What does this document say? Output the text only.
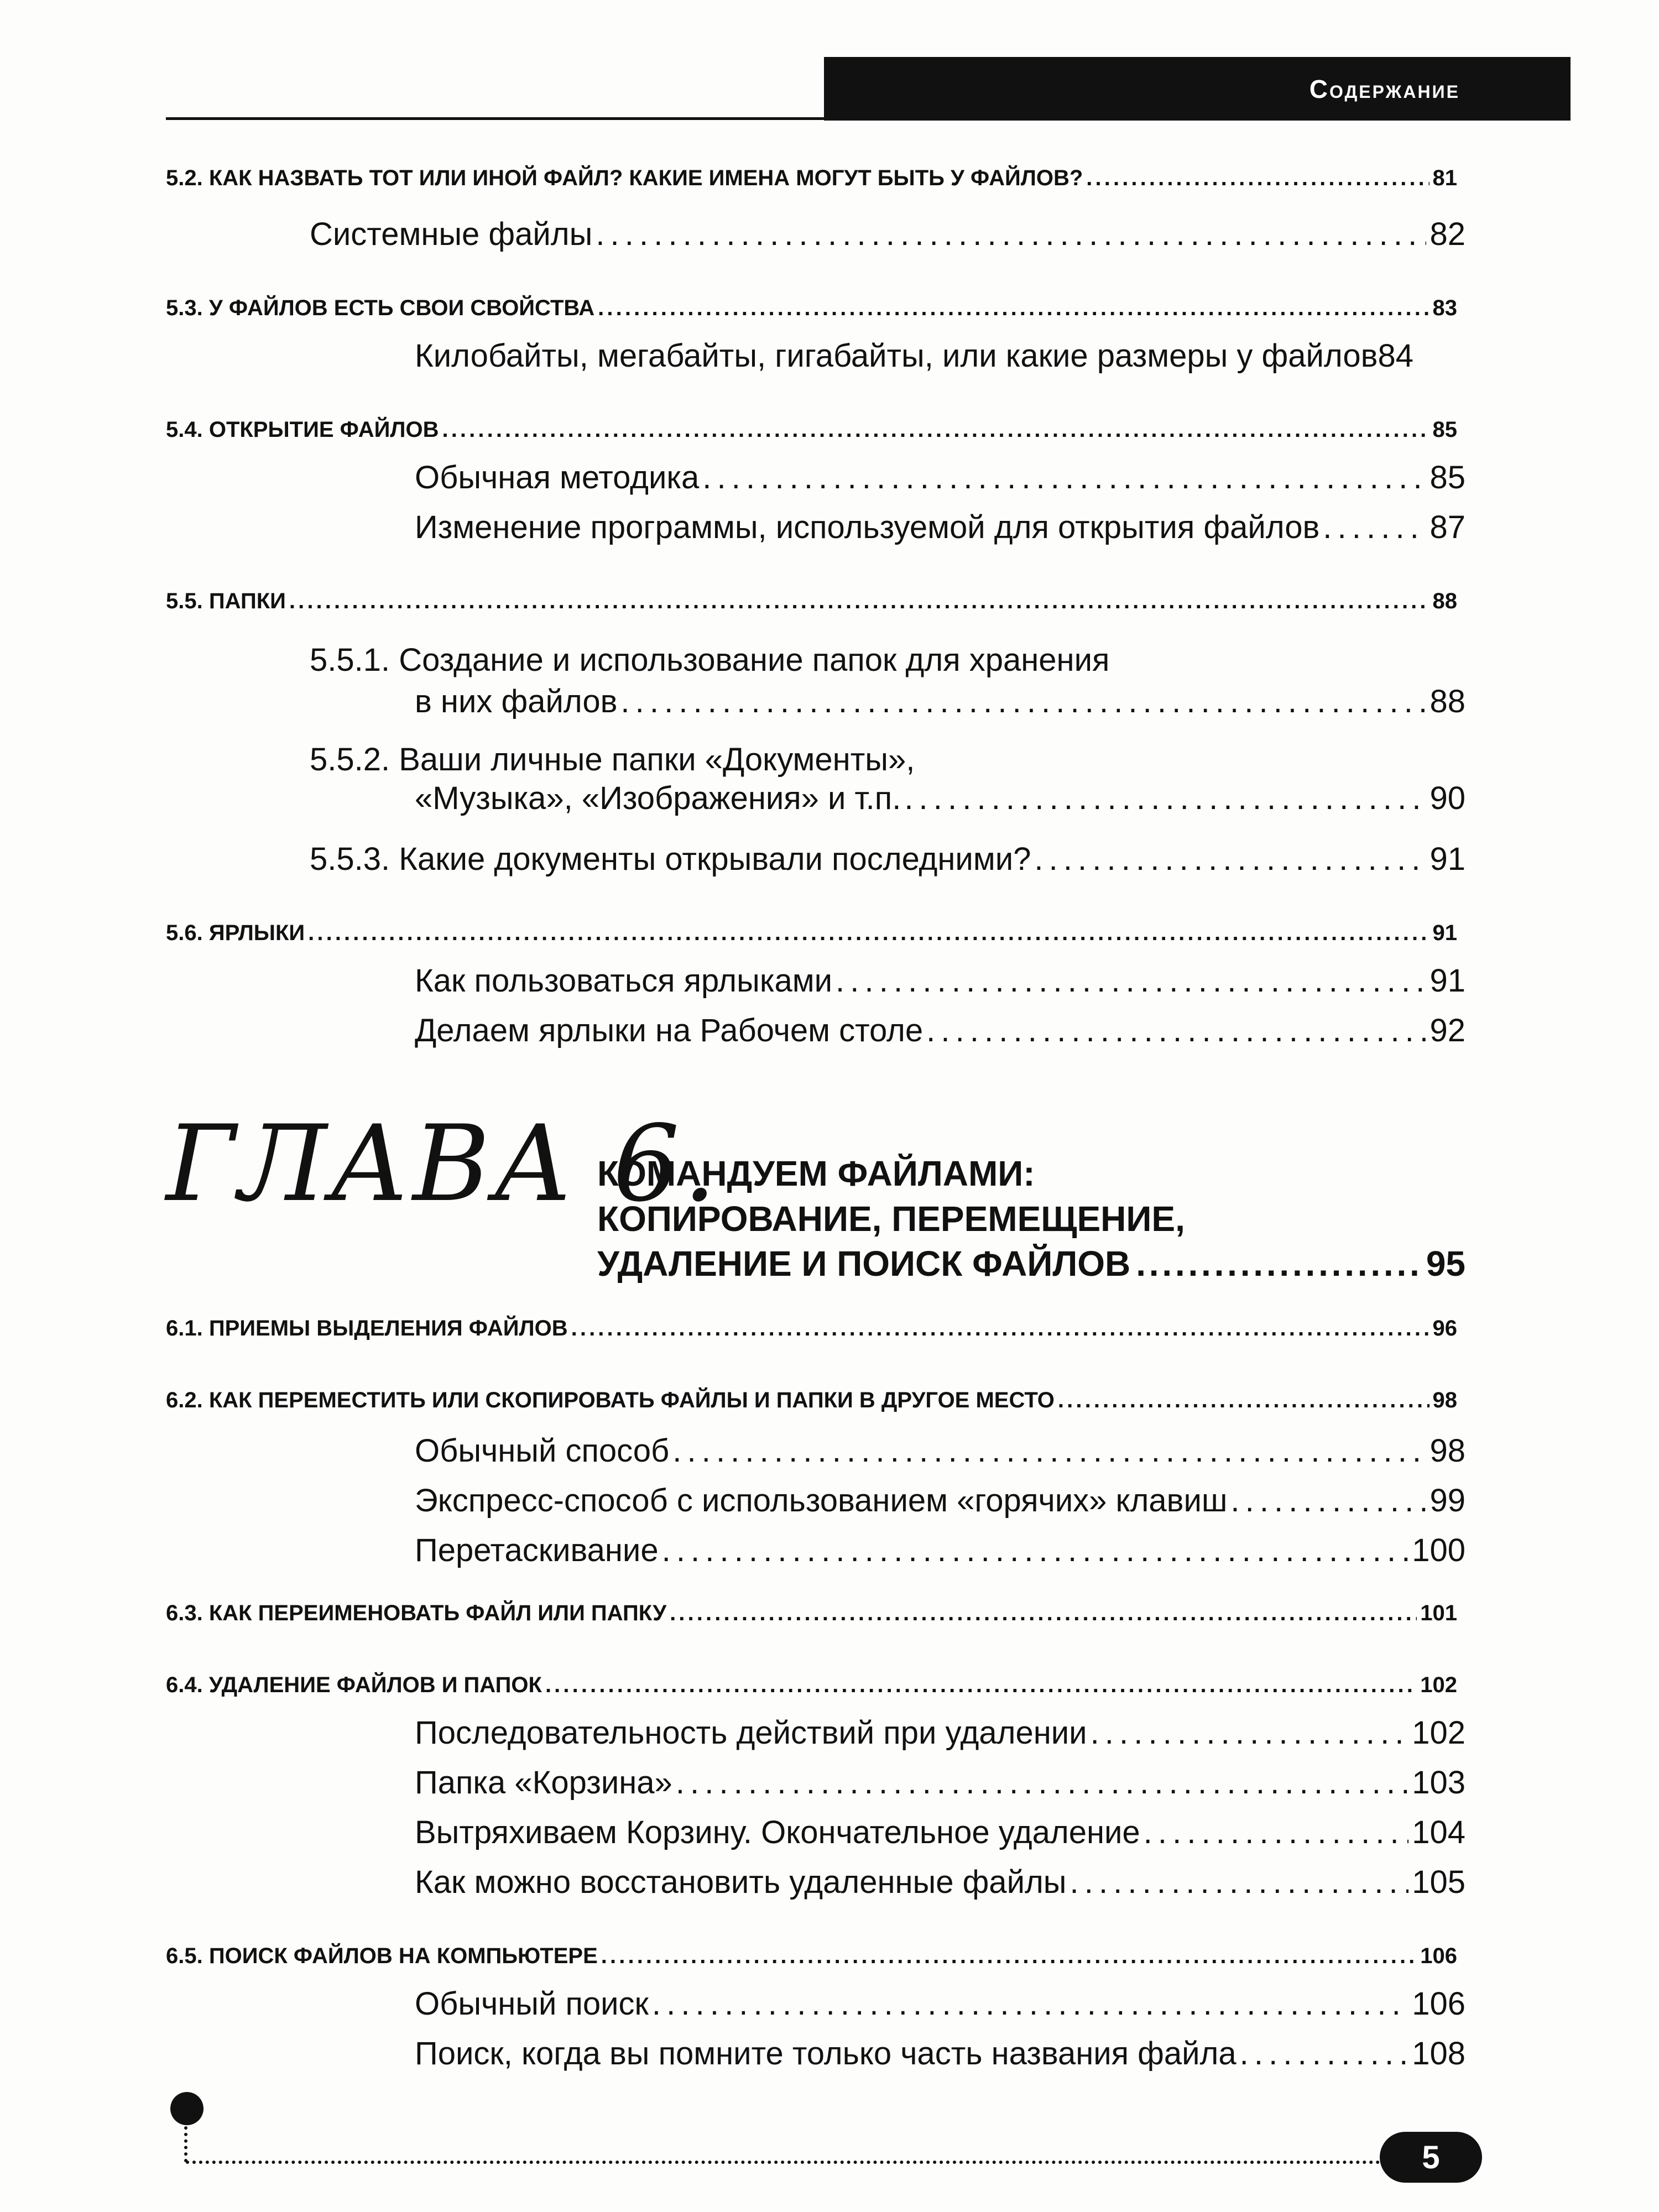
Содержание
5.2. КАК НАЗВАТЬ ТОТ ИЛИ ИНОЙ ФАЙЛ? КАКИЕ ИМЕНА МОГУТ БЫТЬ У ФАЙЛОВ? . . .	81
Системные файлы . . .	82
5.3. У ФАЙЛОВ ЕСТЬ СВОИ СВОЙСТВА . . .	83
Килобайты, мегабайты, гигабайты, или какие размеры у файлов 84
5.4. ОТКРЫТИЕ ФАЙЛОВ . . .	85
Обычная методика . . .	85
Изменение программы, используемой для открытия файлов . . .	87
5.5. ПАПКИ . . .	88
5.5.1. Создание и использование папок для хранения
в них файлов . . .	88
5.5.2. Ваши личные папки «Документы»,
«Музыка», «Изображения» и т.п. . . .	90
5.5.3. Какие документы открывали последними? . . .	91
5.6. ЯРЛЫКИ . . .	91
Как пользоваться ярлыками . . .	91
Делаем ярлыки на Рабочем столе . . .	92
ГЛАВА 6.
КОМАНДУЕМ ФАЙЛАМИ:
КОПИРОВАНИЕ, ПЕРЕМЕЩЕНИЕ,
УДАЛЕНИЕ И ПОИСК ФАЙЛОВ . . .	95
6.1. ПРИЕМЫ ВЫДЕЛЕНИЯ ФАЙЛОВ . . .	96
6.2. КАК ПЕРЕМЕСТИТЬ ИЛИ СКОПИРОВАТЬ ФАЙЛЫ И ПАПКИ В ДРУГОЕ МЕСТО . . .	98
Обычный способ . . .	98
Экспресс-способ с использованием «горячих» клавиш . . .	99
Перетаскивание . . .	100
6.3. КАК ПЕРЕИМЕНОВАТЬ ФАЙЛ ИЛИ ПАПКУ . . .	101
6.4. УДАЛЕНИЕ ФАЙЛОВ И ПАПОК . . .	102
Последовательность действий при удалении . . .	102
Папка «Корзина» . . .	103
Вытряхиваем Корзину. Окончательное удаление . . .	104
Как можно восстановить удаленные файлы . . .	105
6.5. ПОИСК ФАЙЛОВ НА КОМПЬЮТЕРЕ . . .	106
Обычный поиск . . .	106
Поиск, когда вы помните только часть названия файла . . .	108
5
